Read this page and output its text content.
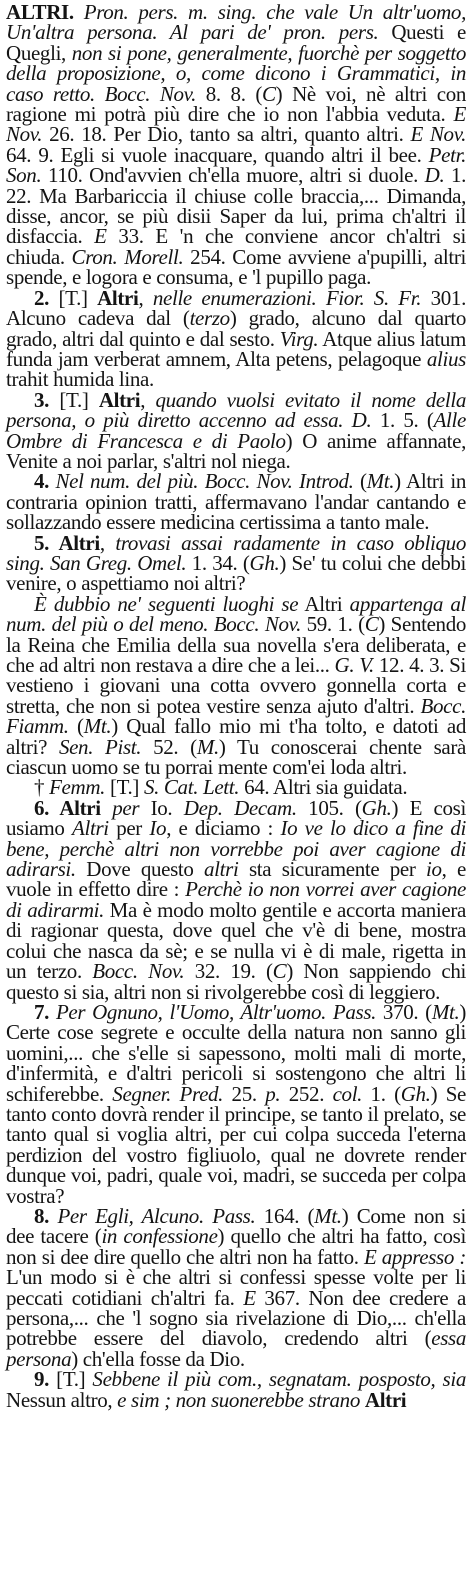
ALTRI. Pron. pers. m. sing. che vale Un altr'uomo, Un'altra persona. Al pari de' pron. pers. Questi e Quegli, non si pone, generalmente, fuorchè per soggetto della proposizione, o, come dicono i Grammatici, in caso retto. Bocc. Nov. 8. 8. (C) Nè voi, nè altri con ragione mi potrà più dire che io non l'abbia veduta. E Nov. 26. 18. Per Dio, tanto sa altri, quanto altri. E Nov. 64. 9. Egli si vuole inacquare, quando altri il bee. Petr. Son. 110. Ond'avvien ch'ella muore, altri si duole. D. 1. 22. Ma Barbariccia il chiuse colle braccia,... Dimanda, disse, ancor, se più disii Saper da lui, prima ch'altri il disfaccia. E 33. E 'n che conviene ancor ch'altri si chiuda. Cron. Morell. 254. Come avviene a'pupilli, altri spende, e logora e consuma, e 'l pupillo paga.

2. [T.] Altri, nelle enumerazioni. Fior. S. Fr. 301. Alcuno cadeva dal (terzo) grado, alcuno dal quarto grado, altri dal quinto e dal sesto. Virg. Atque alius latum funda jam verberat amnem, Alta petens, pelagoque alius trahit humida lina.

3. [T.] Altri, quando vuolsi evitato il nome della persona, o più diretto accenno ad essa. D. 1. 5. (Alle Ombre di Francesca e di Paolo) O anime affannate, Venite a noi parlar, s'altri nol niega.

4. Nel num. del più. Bocc. Nov. Introd. (Mt.) Altri in contraria opinion tratti, affermavano l'andar cantando e sollazzando essere medicina certissima a tanto male.

5. Altri, trovasi assai radamente in caso obliquo sing. San Greg. Omel. 1. 34. (Gh.) Se' tu colui che debbi venire, o aspettiamo noi altri?

È dubbio ne' seguenti luoghi se Altri appartenga al num. del più o del meno. Bocc. Nov. 59. 1. (C) Sentendo la Reina che Emilia della sua novella s'era deliberata, e che ad altri non restava a dire che a lei... G. V. 12. 4. 3. Si vestieno i giovani una cotta ovvero gonnella corta e stretta, che non si potea vestire senza ajuto d'altri. Bocc. Fiamm. (Mt.) Qual fallo mio mi t'ha tolto, e datoti ad altri? Sen. Pist. 52. (M.) Tu conoscerai chente sarà ciascun uomo se tu porrai mente com'ei loda altri.

† Femm. [T.] S. Cat. Lett. 64. Altri sia guidata.

6. Altri per Io. Dep. Decam. 105. (Gh.) E così usiamo Altri per Io, e diciamo : Io ve lo dico a fine di bene, perchè altri non vorrebbe poi aver cagione di adirarsi. Dove questo altri sta sicuramente per io, e vuole in effetto dire : Perchè io non vorrei aver cagione di adirarmi. Ma è modo molto gentile e accorta maniera di ragionar questa, dove quel che v'è di bene, mostra colui che nasca da sè; e se nulla vi è di male, rigetta in un terzo. Bocc. Nov. 32. 19. (C) Non sappiendo chi questo si sia, altri non si rivolgerebbe così di leggiero.

7. Per Ognuno, l'Uomo, Altr'uomo. Pass. 370. (Mt.) Certe cose segrete e occulte della natura non sanno gli uomini,... che s'elle si sapessono, molti mali di morte, d'infermità, e d'altri pericoli si sostengono che altri li schiferebbe. Segner. Pred. 25. p. 252. col. 1. (Gh.) Se tanto conto dovrà render il principe, se tanto il prelato, se tanto qual si voglia altri, per cui colpa succeda l'eterna perdizion del vostro figliuolo, qual ne dovrete render dunque voi, padri, quale voi, madri, se succeda per colpa vostra?

8. Per Egli, Alcuno. Pass. 164. (Mt.) Come non si dee tacere (in confessione) quello che altri ha fatto, così non si dee dire quello che altri non ha fatto. E appresso : L'un modo si è che altri si confessi spesse volte per li peccati cotidiani ch'altri fa. E 367. Non dee credere a persona,... che 'l sogno sia rivelazione di Dio,... ch'ella potrebbe essere del diavolo, credendo altri (essa persona) ch'ella fosse da Dio.

9. [T.] Sebbene il più com., segnatam. posposto, sia Nessun altro, e sim ; non suonerebbe strano Altri
